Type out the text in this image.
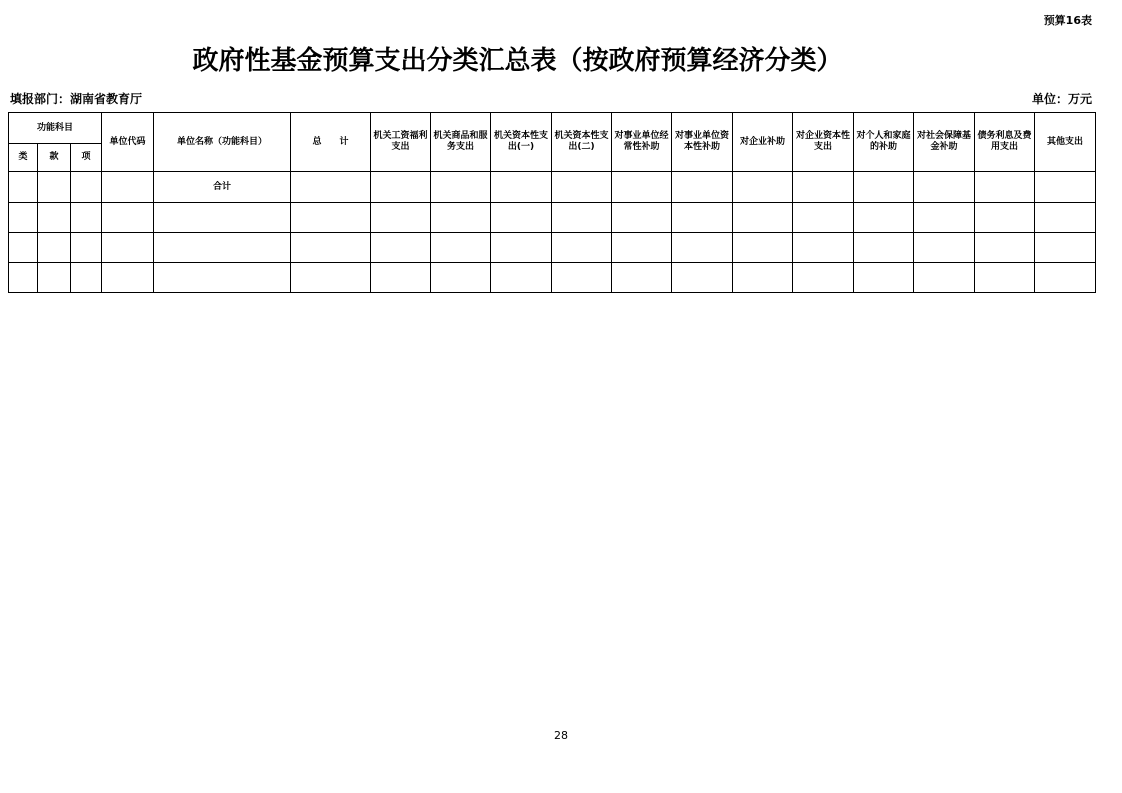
预算16表
政府性基金预算支出分类汇总表（按政府预算经济分类）
填报部门：湖南省教育厅	单位：万元
功能科目			单位代码	单位名称（功能科目）	总　　计	机关工资福利支出	机关商品和服务支出	机关资本性支出(一)	机关资本性支出(二)	对事业单位经常性补助	对事业单位资本性补助	对企业补助	对企业资本性支出	对个人和家庭的补助	对社会保障基金补助	债务利息及费用支出	其他支出
类	款	项															
				合计													

28
